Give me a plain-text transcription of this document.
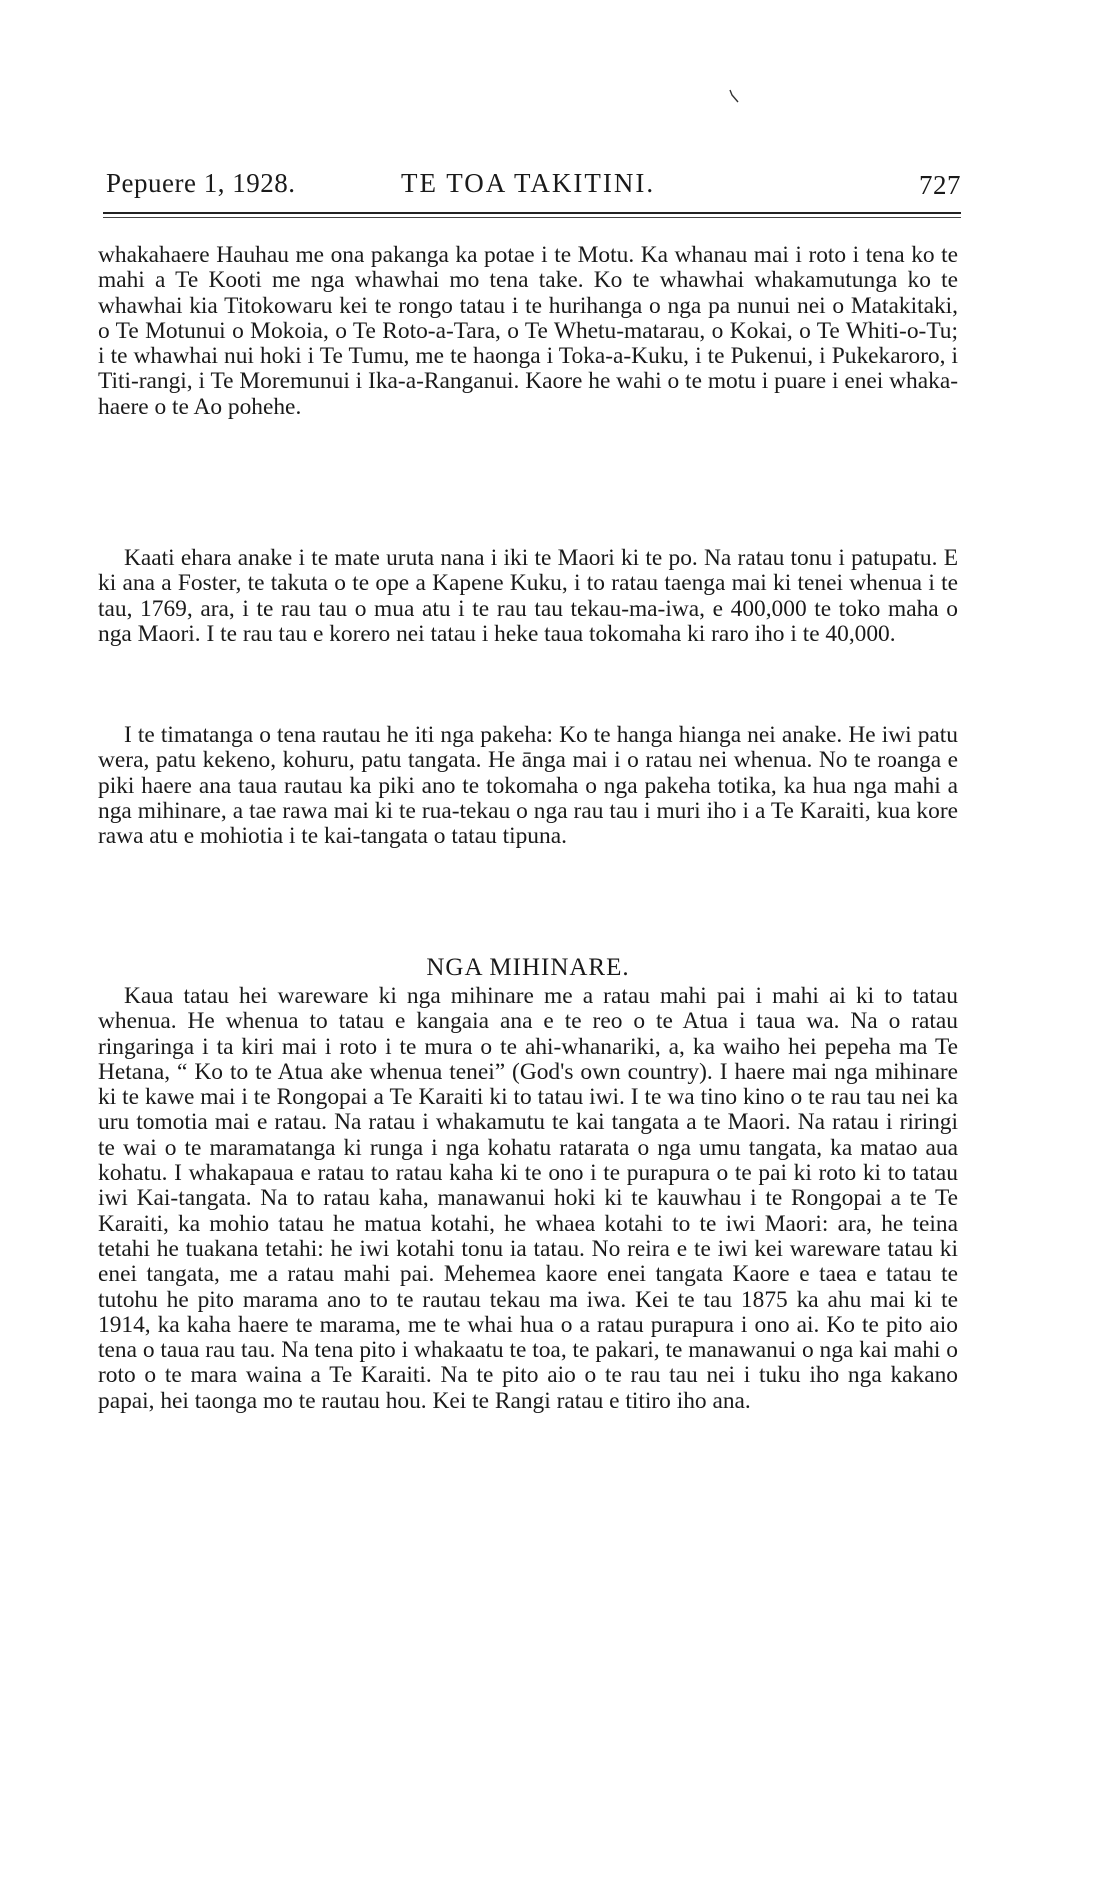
Pepuere 1, 1928.	TE TOA TAKITINI.	727

whakahaere Hauhau me ona pakanga ka potae i te Motu. Ka whanau mai i roto i tena ko te mahi a Te Kooti me nga whawhai mo tena take. Ko te whawhai whakamutunga ko te whawhai kia Titokowaru kei te rongo tatau i te hurihanga o nga pa nunui nei o Matakitaki, o Te Motunui o Mokoia, o Te Roto-a-Tara, o Te Whetu-matarau, o Kokai, o Te Whiti-o-Tu; i te whawhai nui hoki i Te Tumu, me te haonga i Toka-a-Kuku, i te Pukenui, i Pukekaroro, i Titi-rangi, i Te Moremunui i Ika-a-Ranganui. Kaore he wahi o te motu i puare i enei whaka-haere o te Ao pohehe.

Kaati ehara anake i te mate uruta nana i iki te Maori ki te po. Na ratau tonu i patupatu. E ki ana a Foster, te takuta o te ope a Kapene Kuku, i to ratau taenga mai ki tenei whenua i te tau, 1769, ara, i te rau tau o mua atu i te rau tau tekau-ma-iwa, e 400,000 te toko maha o nga Maori. I te rau tau e korero nei tatau i heke taua tokomaha ki raro iho i te 40,000.

I te timatanga o tena rautau he iti nga pakeha: Ko te hanga hianga nei anake. He iwi patu wera, patu kekeno, kohuru, patu tangata. He ānga mai i o ratau nei whenua. No te roanga e piki haere ana taua rautau ka piki ano te tokomaha o nga pakeha totika, ka hua nga mahi a nga mihinare, a tae rawa mai ki te rua-tekau o nga rau tau i muri iho i a Te Karaiti, kua kore rawa atu e mohiotia i te kai-tangata o tatau tipuna.

NGA MIHINARE.

Kaua tatau hei wareware ki nga mihinare me a ratau mahi pai i mahi ai ki to tatau whenua. He whenua to tatau e kangaia ana e te reo o te Atua i taua wa. Na o ratau ringaringa i ta kiri mai i roto i te mura o te ahi-whanariki, a, ka waiho hei pepeha ma Te Hetana, “ Ko to te Atua ake whenua tenei” (God's own country). I haere mai nga mihinare ki te kawe mai i te Rongopai a Te Karaiti ki to tatau iwi. I te wa tino kino o te rau tau nei ka uru tomotia mai e ratau. Na ratau i whakamutu te kai tangata a te Maori. Na ratau i riringi te wai o te maramatanga ki runga i nga kohatu ratarata o nga umu tangata, ka matao aua kohatu. I whakapaua e ratau to ratau kaha ki te ono i te purapura o te pai ki roto ki to tatau iwi Kai-tangata. Na to ratau kaha, manawanui hoki ki te kauwhau i te Rongopai a te Te Karaiti, ka mohio tatau he matua kotahi, he whaea kotahi to te iwi Maori: ara, he teina tetahi he tuakana tetahi: he iwi kotahi tonu ia tatau. No reira e te iwi kei wareware tatau ki enei tangata, me a ratau mahi pai. Mehemea kaore enei tangata Kaore e taea e tatau te tutohu he pito marama ano to te rautau tekau ma iwa. Kei te tau 1875 ka ahu mai ki te 1914, ka kaha haere te marama, me te whai hua o a ratau purapura i ono ai. Ko te pito aio tena o taua rau tau. Na tena pito i whakaatu te toa, te pakari, te manawanui o nga kai mahi o roto o te mara waina a Te Karaiti. Na te pito aio o te rau tau nei i tuku iho nga kakano papai, hei taonga mo te rautau hou. Kei te Rangi ratau e titiro iho ana.
